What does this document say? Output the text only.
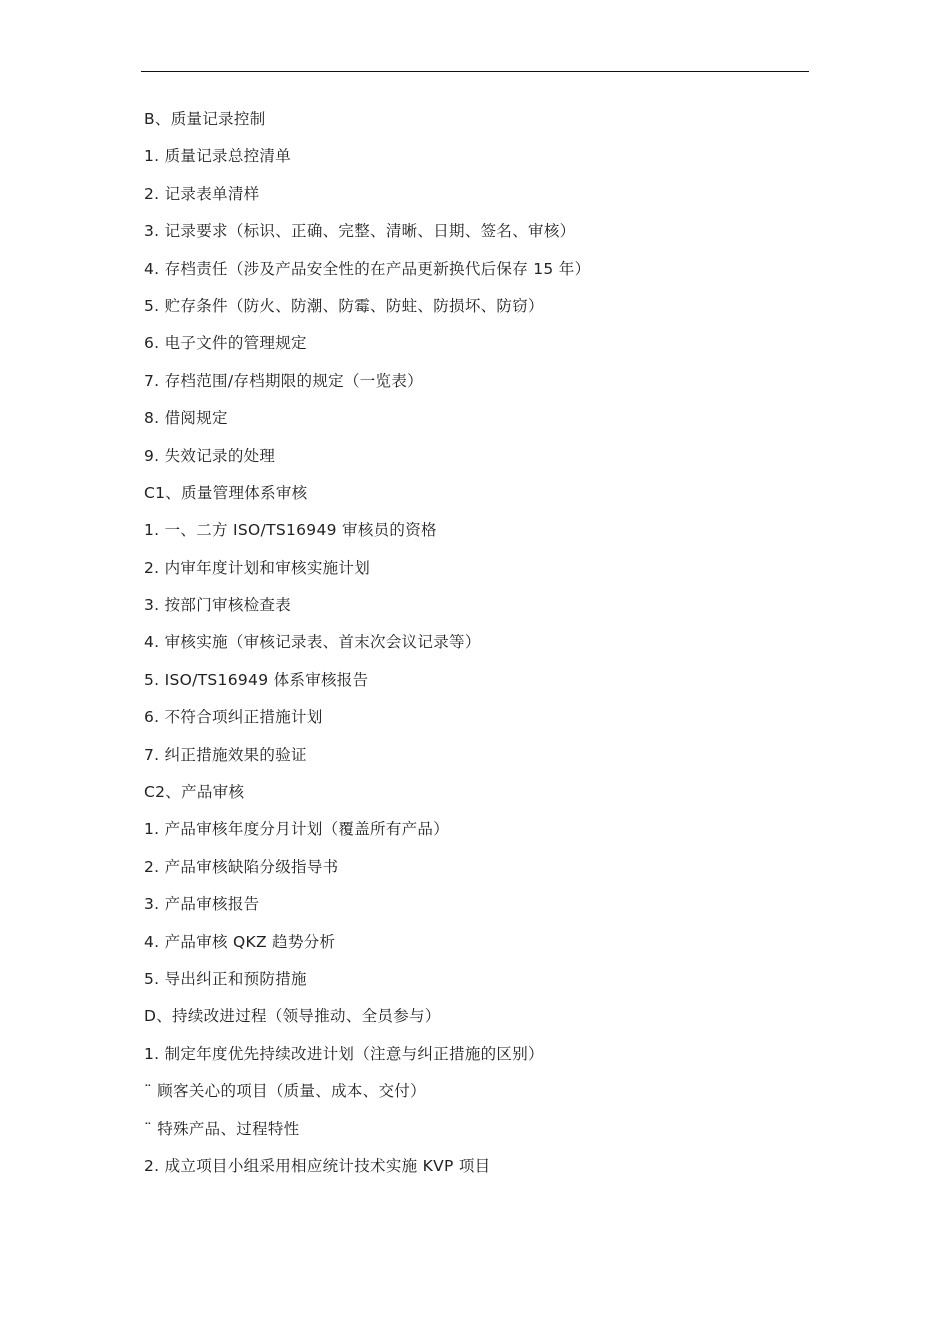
B、质量记录控制
1. 质量记录总控清单
2. 记录表单清样
3. 记录要求（标识、正确、完整、清晰、日期、签名、审核）
4. 存档责任（涉及产品安全性的在产品更新换代后保存 15 年）
5. 贮存条件（防火、防潮、防霉、防蛀、防损坏、防窃）
6. 电子文件的管理规定
7. 存档范围/存档期限的规定（一览表）
8. 借阅规定
9. 失效记录的处理
C1、质量管理体系审核
1. 一、二方 ISO/TS16949 审核员的资格
2. 内审年度计划和审核实施计划
3. 按部门审核检查表
4. 审核实施（审核记录表、首末次会议记录等）
5. ISO/TS16949 体系审核报告
6. 不符合项纠正措施计划
7. 纠正措施效果的验证
C2、产品审核
1. 产品审核年度分月计划（覆盖所有产品）
2. 产品审核缺陷分级指导书
3. 产品审核报告
4. 产品审核 QKZ 趋势分析
5. 导出纠正和预防措施
D、持续改进过程（领导推动、全员参与）
1. 制定年度优先持续改进计划（注意与纠正措施的区别）
¨ 顾客关心的项目（质量、成本、交付）
¨ 特殊产品、过程特性
2. 成立项目小组采用相应统计技术实施 KVP 项目
